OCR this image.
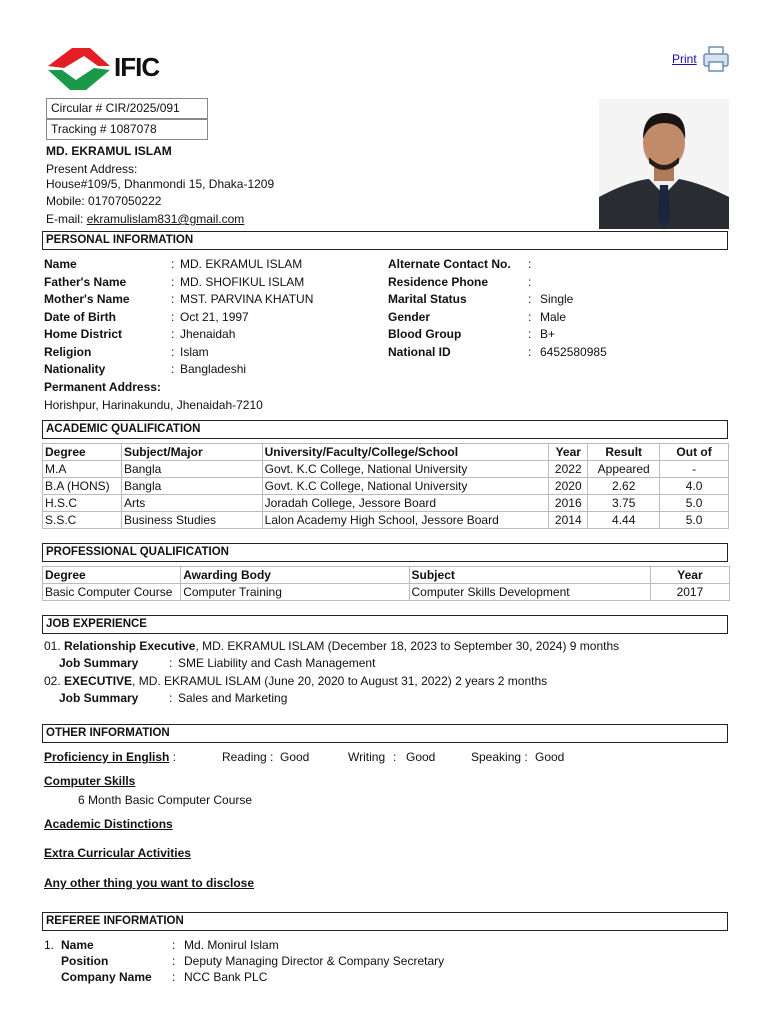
IFIC	Print
Circular # CIR/2025/091
Tracking # 1087078
MD. EKRAMUL ISLAM
Present Address:
House#109/5, Dhanmondi 15, Dhaka-1209
Mobile: 01707050222
E-mail: ekramulislam831@gmail.com
PERSONAL INFORMATION
Name	: MD. EKRAMUL ISLAM
Father's Name	: MD. SHOFIKUL ISLAM
Mother's Name	: MST. PARVINA KHATUN
Date of Birth	: Oct 21, 1997
Home District	: Jhenaidah
Religion	: Islam
Nationality	: Bangladeshi
Permanent Address:
Horishpur, Harinakundu, Jhenaidah-7210
Alternate Contact No. :
Residence Phone	:
Marital Status	: Single
Gender	: Male
Blood Group	: B+
National ID	: 6452580985
ACADEMIC QUALIFICATION
Degree	Subject/Major	University/Faculty/College/School	Year	Result	Out of
M.A	Bangla	Govt. K.C College, National University	2022	Appeared	-
B.A (HONS)	Bangla	Govt. K.C College, National University	2020	2.62	4.0
H.S.C	Arts	Joradah College, Jessore Board	2016	3.75	5.0
S.S.C	Business Studies	Lalon Academy High School, Jessore Board	2014	4.44	5.0
PROFESSIONAL QUALIFICATION
Degree	Awarding Body	Subject	Year
Basic Computer Course	Computer Training	Computer Skills Development	2017
JOB EXPERIENCE
01. Relationship Executive, MD. EKRAMUL ISLAM (December 18, 2023 to September 30, 2024) 9 months
Job Summary	: SME Liability and Cash Management
02. EXECUTIVE, MD. EKRAMUL ISLAM (June 20, 2020 to August 31, 2022) 2 years 2 months
Job Summary	: Sales and Marketing
OTHER INFORMATION
Proficiency in English :	Reading : Good	Writing : Good	Speaking : Good
Computer Skills
6 Month Basic Computer Course
Academic Distinctions
Extra Curricular Activities
Any other thing you want to disclose
REFEREE INFORMATION
1. Name	: Md. Monirul Islam
Position	: Deputy Managing Director & Company Secretary
Company Name : NCC Bank PLC
